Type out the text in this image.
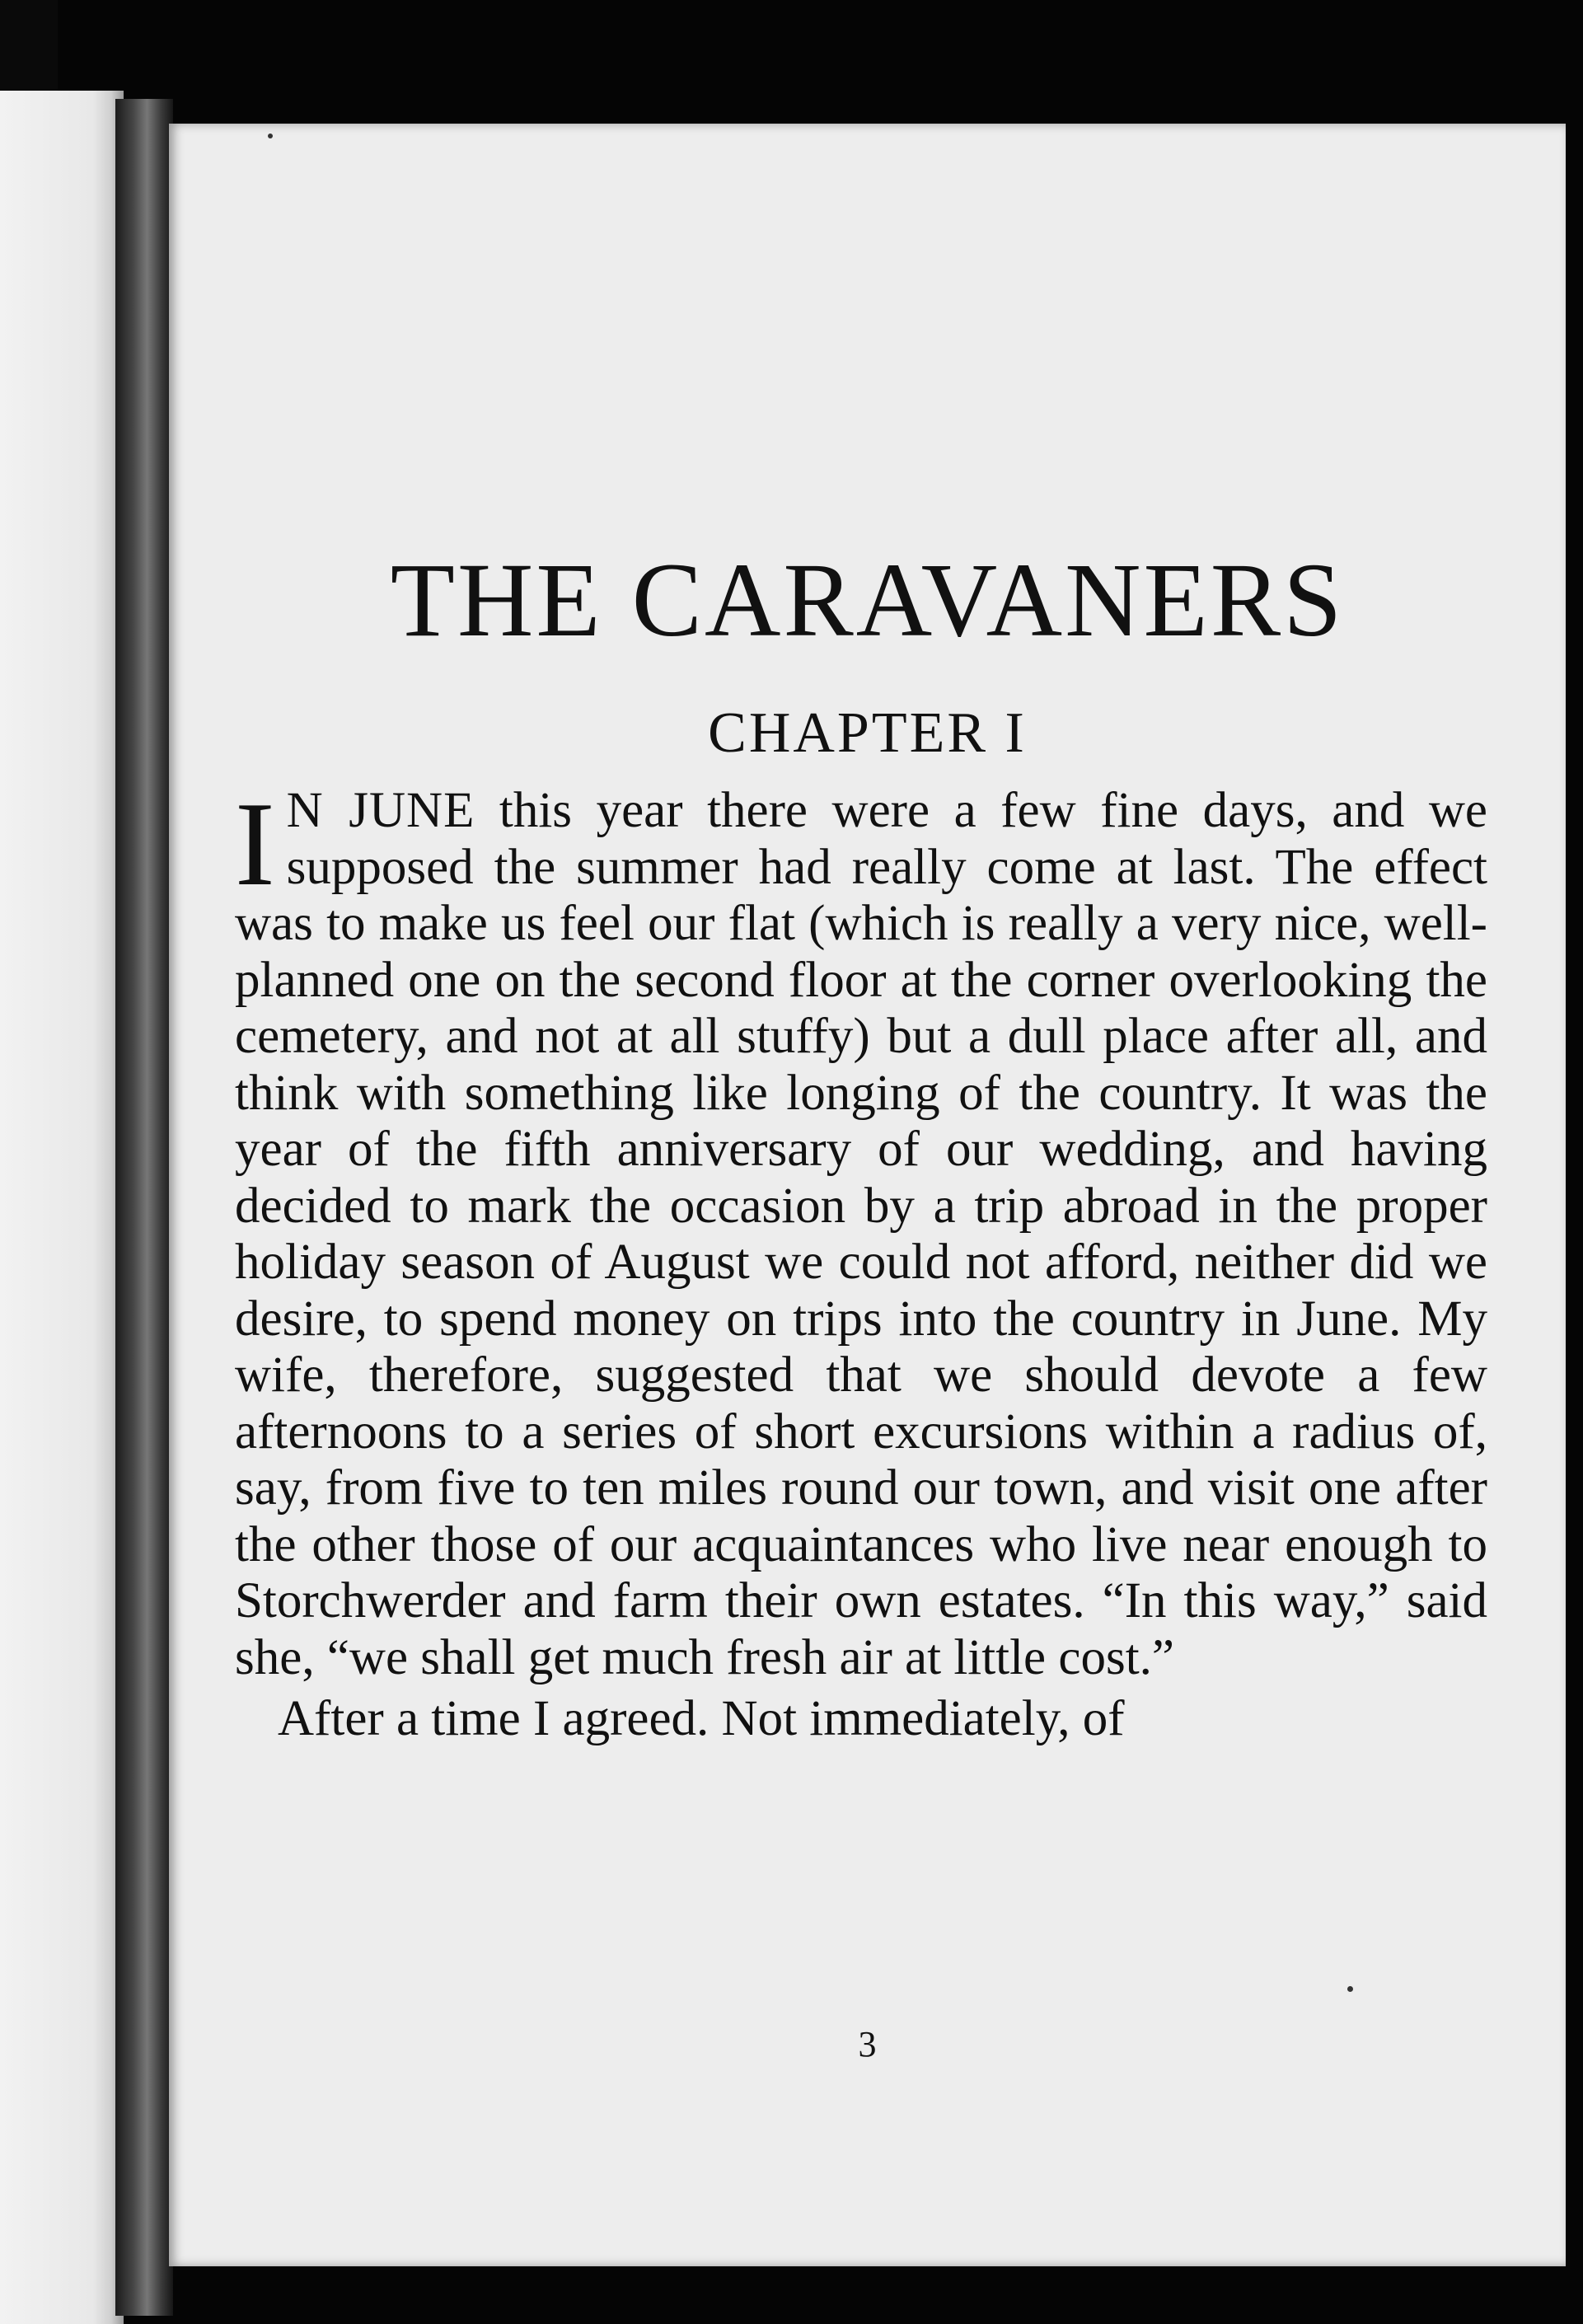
THE CARAVANERS
CHAPTER I

I N JUNE this year there were a few fine days, and we supposed the summer had really come at last. The effect was to make us feel our flat (which is really a very nice, well-planned one on the second floor at the corner overlooking the cemetery, and not at all stuffy) but a dull place after all, and think with something like longing of the country. It was the year of the fifth anniversary of our wedding, and having decided to mark the occasion by a trip abroad in the proper holiday season of August we could not afford, neither did we desire, to spend money on trips into the country in June. My wife, therefore, suggested that we should devote a few afternoons to a series of short excursions within a radius of, say, from five to ten miles round our town, and visit one after the other those of our acquaintances who live near enough to Storchwerder and farm their own estates. “In this way,” said she, “we shall get much fresh air at little cost.”

After a time I agreed. Not immediately, of

3
